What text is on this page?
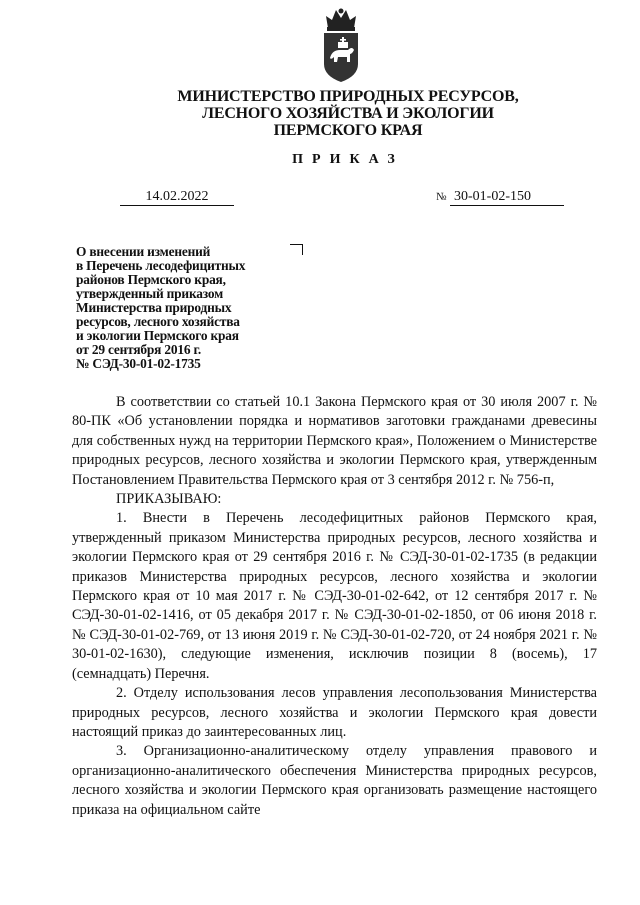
МИНИСТЕРСТВО ПРИРОДНЫХ РЕСУРСОВ,
ЛЕСНОГО ХОЗЯЙСТВА И ЭКОЛОГИИ
ПЕРМСКОГО КРАЯ
ПРИКАЗ
14.02.2022	№ 30-01-02-150
О внесении изменений
в Перечень лесодефицитных
районов Пермского края,
утвержденный приказом
Министерства природных
ресурсов, лесного хозяйства
и экологии Пермского края
от 29 сентября 2016 г.
№ СЭД-30-01-02-1735

В соответствии со статьей 10.1 Закона Пермского края от 30 июля 2007 г. № 80-ПК «Об установлении порядка и нормативов заготовки гражданами древесины для собственных нужд на территории Пермского края», Положением о Министерстве природных ресурсов, лесного хозяйства и экологии Пермского края, утвержденным Постановлением Правительства Пермского края от 3 сентября 2012 г. № 756-п,

ПРИКАЗЫВАЮ:

1. Внести в Перечень лесодефицитных районов Пермского края, утвержденный приказом Министерства природных ресурсов, лесного хозяйства и экологии Пермского края от 29 сентября 2016 г. № СЭД-30-01-02-1735 (в редакции приказов Министерства природных ресурсов, лесного хозяйства и экологии Пермского края от 10 мая 2017 г. № СЭД-30-01-02-642, от 12 сентября 2017 г. № СЭД-30-01-02-1416, от 05 декабря 2017 г. № СЭД-30-01-02-1850, от 06 июня 2018 г. № СЭД-30-01-02-769, от 13 июня 2019 г. № СЭД-30-01-02-720, от 24 ноября 2021 г. № 30-01-02-1630), следующие изменения, исключив позиции 8 (восемь), 17 (семнадцать) Перечня.

2. Отделу использования лесов управления лесопользования Министерства природных ресурсов, лесного хозяйства и экологии Пермского края довести настоящий приказ до заинтересованных лиц.

3. Организационно-аналитическому отделу управления правового и организационно-аналитического обеспечения Министерства природных ресурсов, лесного хозяйства и экологии Пермского края организовать размещение настоящего приказа на официальном сайте
